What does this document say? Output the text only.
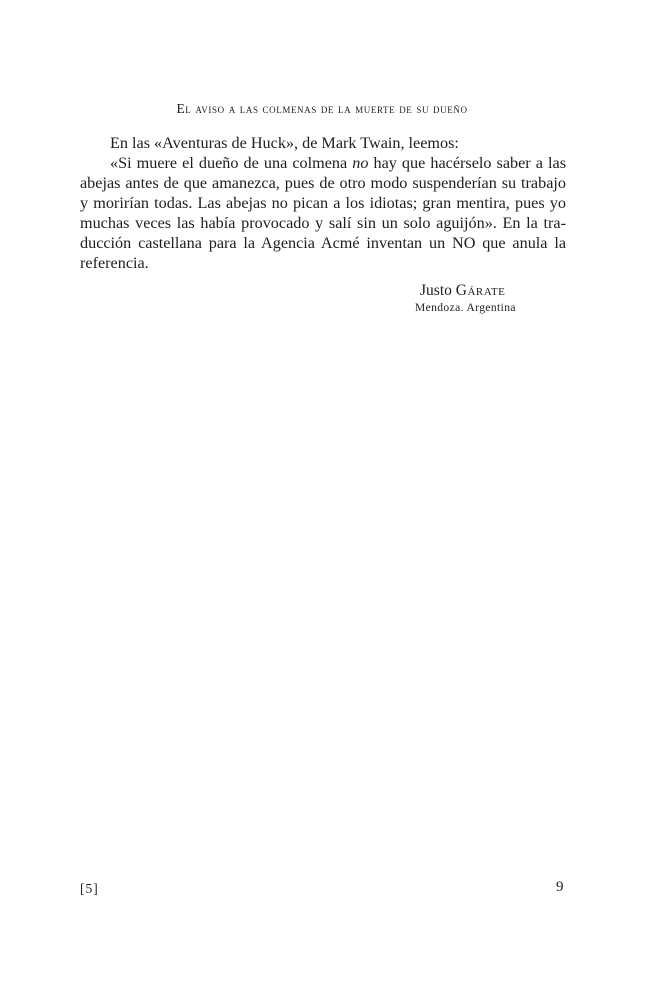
El aviso a las colmenas de la muerte de su dueño

En las «Aventuras de Huck», de Mark Twain, leemos:

«Si muere el dueño de una colmena no hay que hacérselo saber a las
abejas antes de que amanezca, pues de otro modo suspenderían su trabajo
y morirían todas. Las abejas no pican a los idiotas; gran mentira, pues yo
muchas veces las había provocado y salí sin un solo aguijón». En la tra-
ducción castellana para la Agencia Acmé inventan un NO que anula la
referencia.

Justo Gárate
Mendoza. Argentina
[5]	9
